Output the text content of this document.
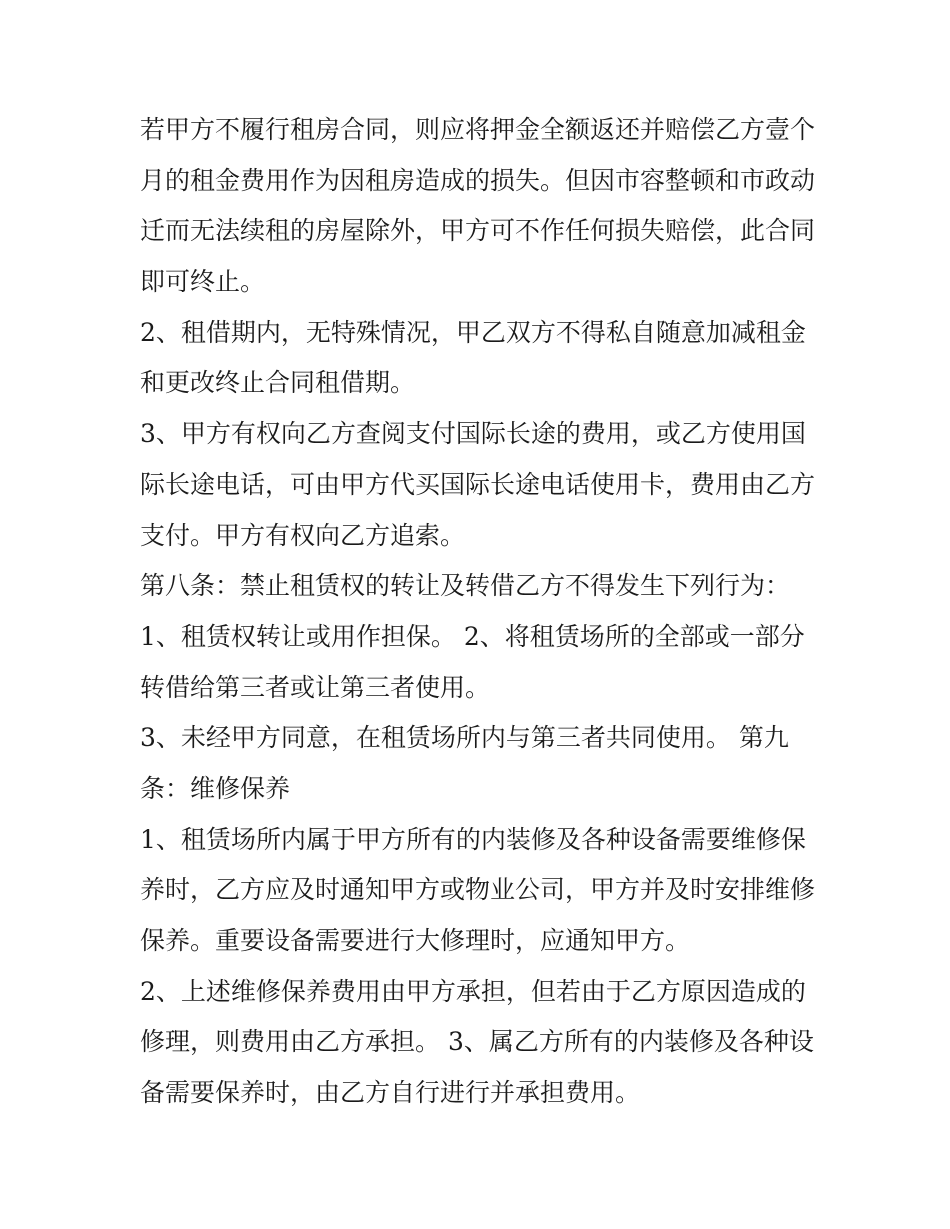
若甲方不履行租房合同，则应将押金全额返还并赔偿乙方壹个
月的租金费用作为因租房造成的损失。但因市容整顿和市政动
迁而无法续租的房屋除外，甲方可不作任何损失赔偿，此合同
即可终止。
2、租借期内，无特殊情况，甲乙双方不得私自随意加减租金
和更改终止合同租借期。
3、甲方有权向乙方查阅支付国际长途的费用，或乙方使用国
际长途电话，可由甲方代买国际长途电话使用卡，费用由乙方
支付。甲方有权向乙方追索。
第八条：禁止租赁权的转让及转借乙方不得发生下列行为：
1、租赁权转让或用作担保。 2、将租赁场所的全部或一部分
转借给第三者或让第三者使用。
3、未经甲方同意，在租赁场所内与第三者共同使用。 第九
条：维修保养
1、租赁场所内属于甲方所有的内装修及各种设备需要维修保
养时，乙方应及时通知甲方或物业公司，甲方并及时安排维修
保养。重要设备需要进行大修理时，应通知甲方。
2、上述维修保养费用由甲方承担，但若由于乙方原因造成的
修理，则费用由乙方承担。 3、属乙方所有的内装修及各种设
备需要保养时，由乙方自行进行并承担费用。
